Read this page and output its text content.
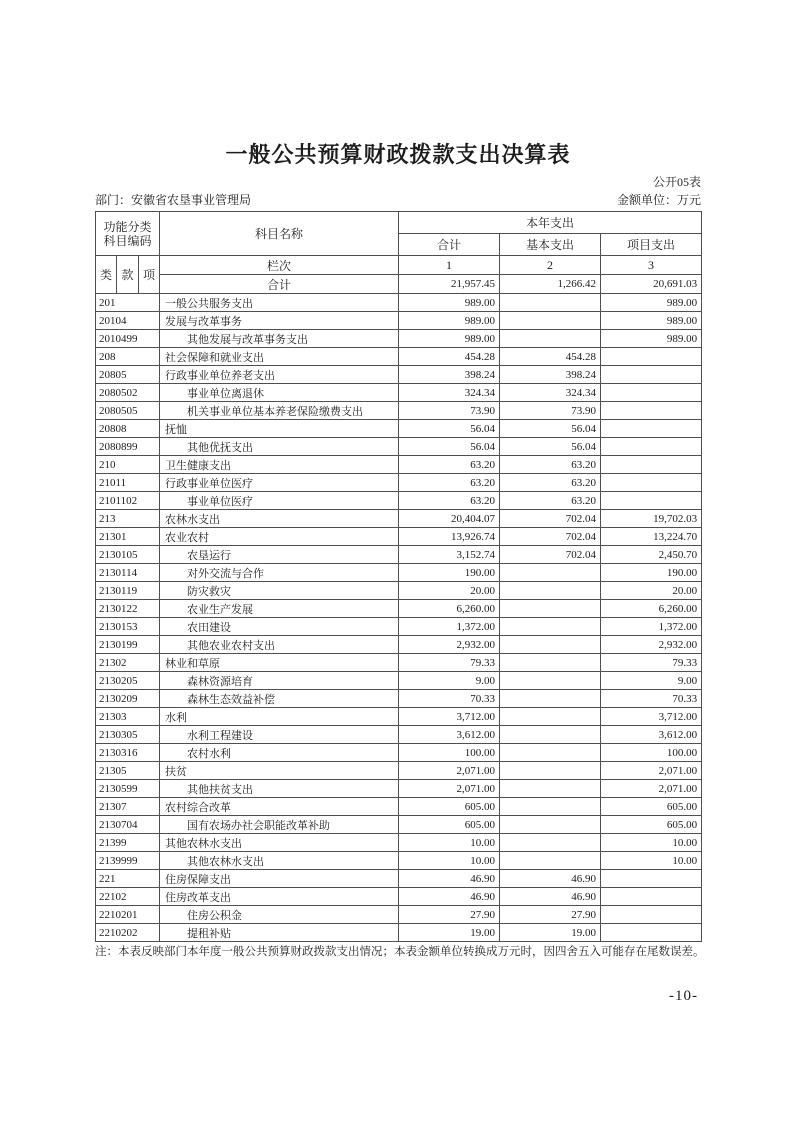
一般公共预算财政拨款支出决算表
公开05表
部门：安徽省农垦事业管理局	金额单位：万元
功能分类
科目编码			科目名称	本年支出		
				合计	基本支出	项目支出
类	款	项	栏次	1	2	3
			合计	21,957.45	1,266.42	20,691.03
201			一般公共服务支出	989.00		989.00
20104			发展与改革事务	989.00		989.00
2010499			其他发展与改革事务支出	989.00		989.00
208			社会保障和就业支出	454.28	454.28	
20805			行政事业单位养老支出	398.24	398.24	
2080502			事业单位离退休	324.34	324.34	
2080505			机关事业单位基本养老保险缴费支出	73.90	73.90	
20808			抚恤	56.04	56.04	
2080899			其他优抚支出	56.04	56.04	
210			卫生健康支出	63.20	63.20	
21011			行政事业单位医疗	63.20	63.20	
2101102			事业单位医疗	63.20	63.20	
213			农林水支出	20,404.07	702.04	19,702.03
21301			农业农村	13,926.74	702.04	13,224.70
2130105			农垦运行	3,152.74	702.04	2,450.70
2130114			对外交流与合作	190.00		190.00
2130119			防灾救灾	20.00		20.00
2130122			农业生产发展	6,260.00		6,260.00
2130153			农田建设	1,372.00		1,372.00
2130199			其他农业农村支出	2,932.00		2,932.00
21302			林业和草原	79.33		79.33
2130205			森林资源培育	9.00		9.00
2130209			森林生态效益补偿	70.33		70.33
21303			水利	3,712.00		3,712.00
2130305			水利工程建设	3,612.00		3,612.00
2130316			农村水利	100.00		100.00
21305			扶贫	2,071.00		2,071.00
2130599			其他扶贫支出	2,071.00		2,071.00
21307			农村综合改革	605.00		605.00
2130704			国有农场办社会职能改革补助	605.00		605.00
21399			其他农林水支出	10.00		10.00
2139999			其他农林水支出	10.00		10.00
221			住房保障支出	46.90	46.90	
22102			住房改革支出	46.90	46.90	
2210201			住房公积金	27.90	27.90	
2210202			提租补贴	19.00	19.00	
注：本表反映部门本年度一般公共预算财政拨款支出情况；本表金额单位转换成万元时，因四舍五入可能存在尾数误差。
-10-
